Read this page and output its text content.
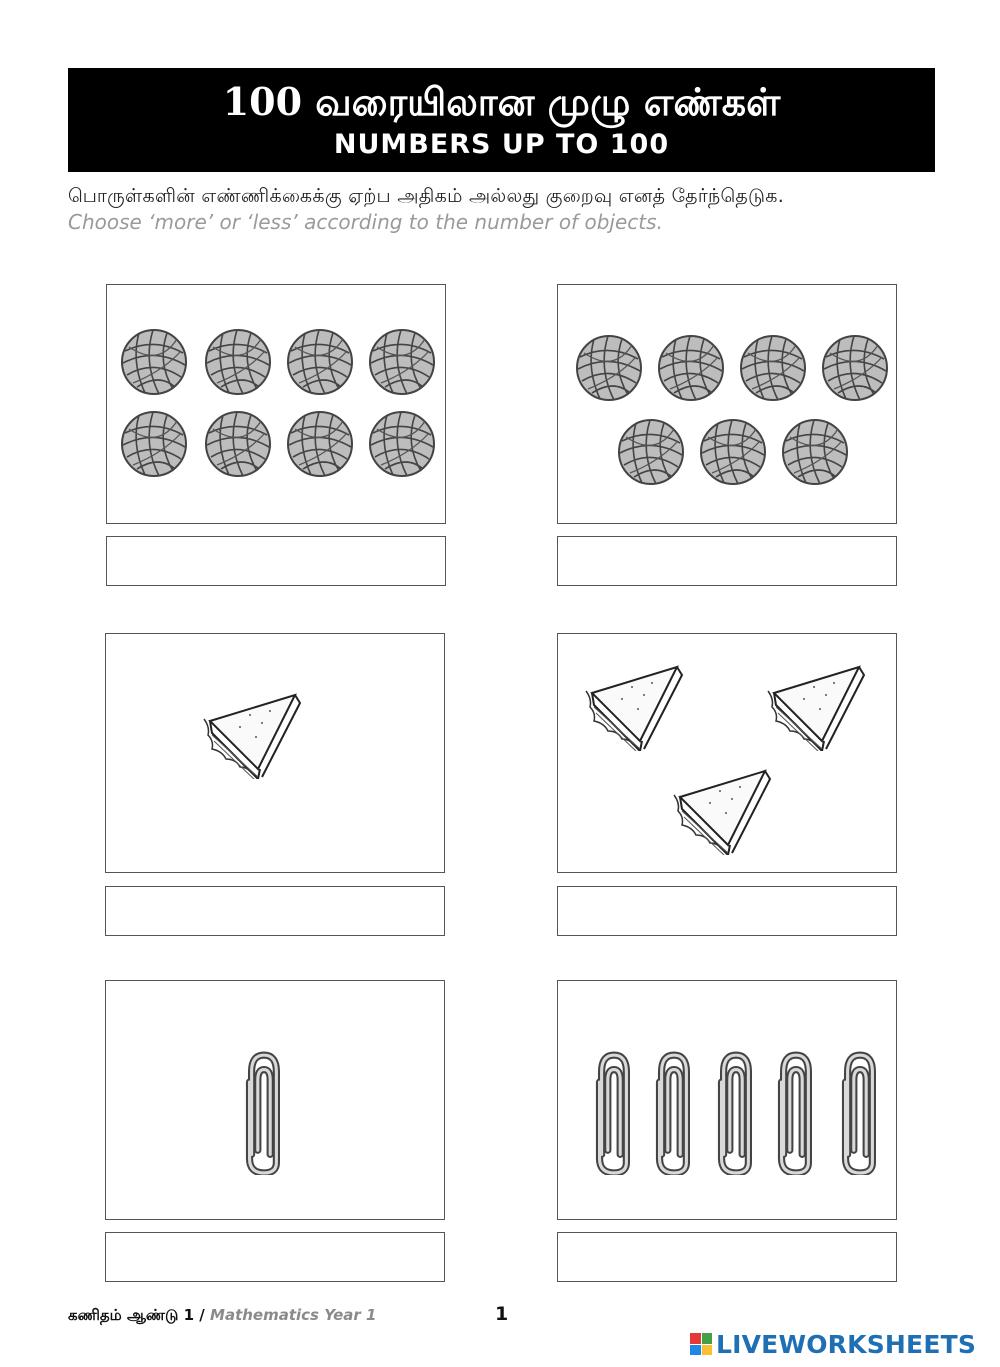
100 வரையிலான முழு எண்கள்
NUMBERS UP TO 100
பொருள்களின் எண்ணிக்கைக்கு ஏற்ப அதிகம் அல்லது குறைவு எனத் தேர்ந்தெடுக.
Choose ‘more’ or ‘less’ according to the number of objects.
கணிதம் ஆண்டு 1 / Mathematics Year 1	1
LIVEWORKSHEETS
